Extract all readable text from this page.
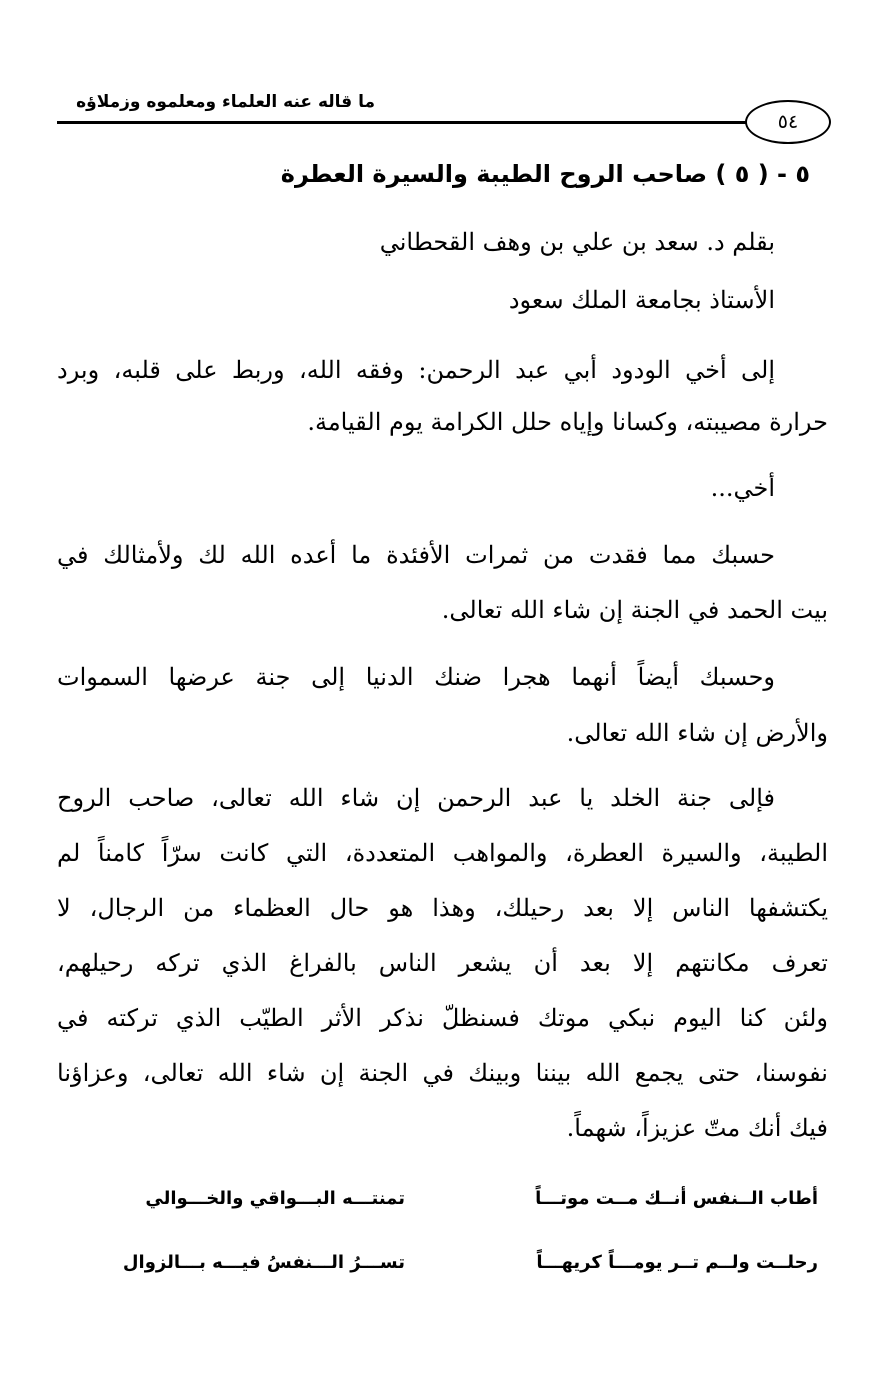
ما قاله عنه العلماء ومعلموه وزملاؤه
٥٤
٥ - ( ٥ ) صاحب الروح الطيبة والسيرة العطرة
بقلم د. سعد بن علي بن وهف القحطاني
الأستاذ بجامعة الملك سعود
إلى أخي الودود أبي عبد الرحمن: وفقه الله، وربط على قلبه، وبرد
حرارة مصيبته، وكسانا وإياه حلل الكرامة يوم القيامة.
أخي...
حسبك مما فقدت من ثمرات الأفئدة ما أعده الله لك ولأمثالك في
بيت الحمد في الجنة إن شاء الله تعالى.
وحسبك أيضاً أنهما هجرا ضنك الدنيا إلى جنة عرضها السموات
والأرض إن شاء الله تعالى.
فإلى جنة الخلد يا عبد الرحمن إن شاء الله تعالى، صاحب الروح
الطيبة، والسيرة العطرة، والمواهب المتعددة، التي كانت سرّاً كامناً لم
يكتشفها الناس إلا بعد رحيلك، وهذا هو حال العظماء من الرجال، لا
تعرف مكانتهم إلا بعد أن يشعر الناس بالفراغ الذي تركه رحيلهم،
ولئن كنا اليوم نبكي موتك فسنظلّ نذكر الأثر الطيّب الذي تركته في
نفوسنا، حتى يجمع الله بيننا وبينك في الجنة إن شاء الله تعالى، وعزاؤنا
فيك أنك متّ عزيزاً، شهماً.
أطاب الــنفس أنــك مــت موتـــاً
تمنتـــه البـــواقي والخـــوالي
رحلــت ولــم تــر يومـــاً كريهـــاً
تســـرُ الـــنفسُ فيـــه بـــالزوال
